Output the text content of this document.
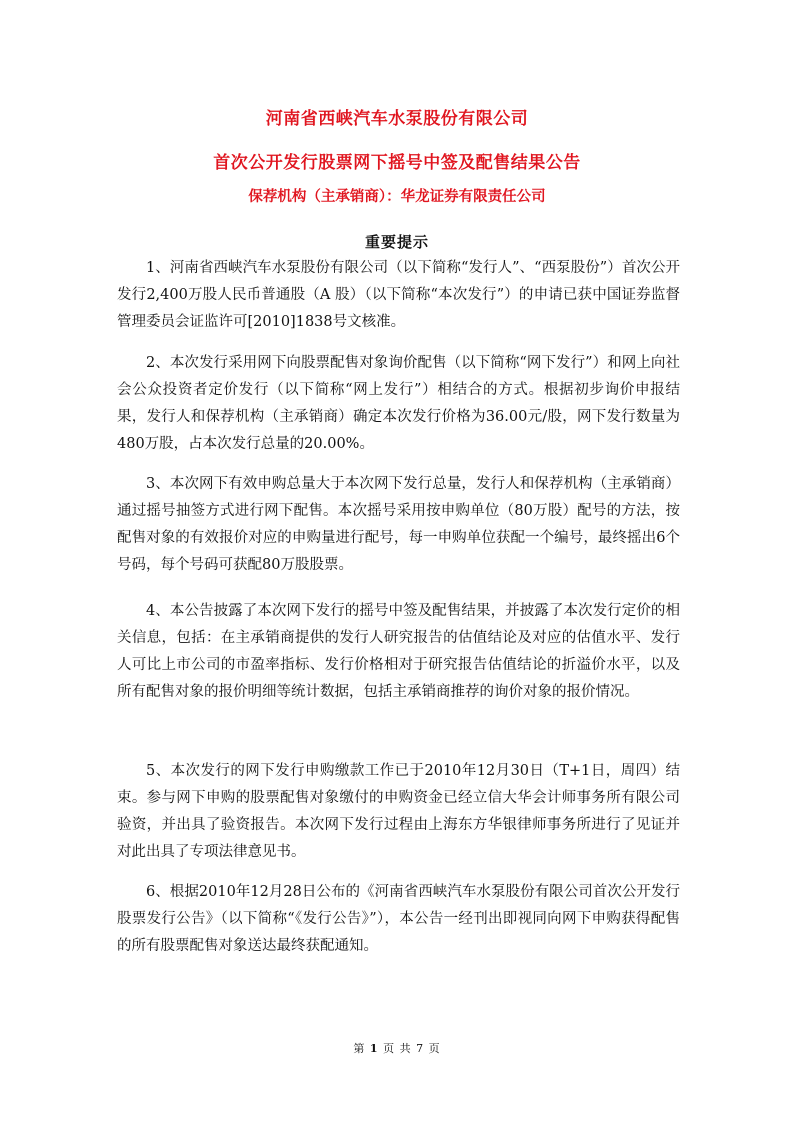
河南省西峡汽车水泵股份有限公司
首次公开发行股票网下摇号中签及配售结果公告
保荐机构（主承销商）：华龙证券有限责任公司
重要提示

1、河南省西峡汽车水泵股份有限公司（以下简称“发行人”、“西泵股份”）首次公开发行2,400万股人民币普通股（A 股）（以下简称“本次发行”）的申请已获中国证券监督管理委员会证监许可[2010]1838号文核准。

2、本次发行采用网下向股票配售对象询价配售（以下简称“网下发行”）和网上向社会公众投资者定价发行（以下简称“网上发行”）相结合的方式。根据初步询价申报结果，发行人和保荐机构（主承销商）确定本次发行价格为36.00元/股，网下发行数量为480万股，占本次发行总量的20.00%。

3、本次网下有效申购总量大于本次网下发行总量，发行人和保荐机构（主承销商）通过摇号抽签方式进行网下配售。本次摇号采用按申购单位（80万股）配号的方法，按配售对象的有效报价对应的申购量进行配号，每一申购单位获配一个编号，最终摇出6个号码，每个号码可获配80万股股票。

4、本公告披露了本次网下发行的摇号中签及配售结果，并披露了本次发行定价的相关信息，包括：在主承销商提供的发行人研究报告的估值结论及对应的估值水平、发行人可比上市公司的市盈率指标、发行价格相对于研究报告估值结论的折溢价水平，以及所有配售对象的报价明细等统计数据，包括主承销商推荐的询价对象的报价情况。

5、本次发行的网下发行申购缴款工作已于2010年12月30日（T+1日，周四）结束。参与网下申购的股票配售对象缴付的申购资金已经立信大华会计师事务所有限公司验资，并出具了验资报告。本次网下发行过程由上海东方华银律师事务所进行了见证并对此出具了专项法律意见书。

6、根据2010年12月28日公布的《河南省西峡汽车水泵股份有限公司首次公开发行股票发行公告》（以下简称“《发行公告》”），本公告一经刊出即视同向网下申购获得配售的所有股票配售对象送达最终获配通知。

第 1 页 共 7 页
